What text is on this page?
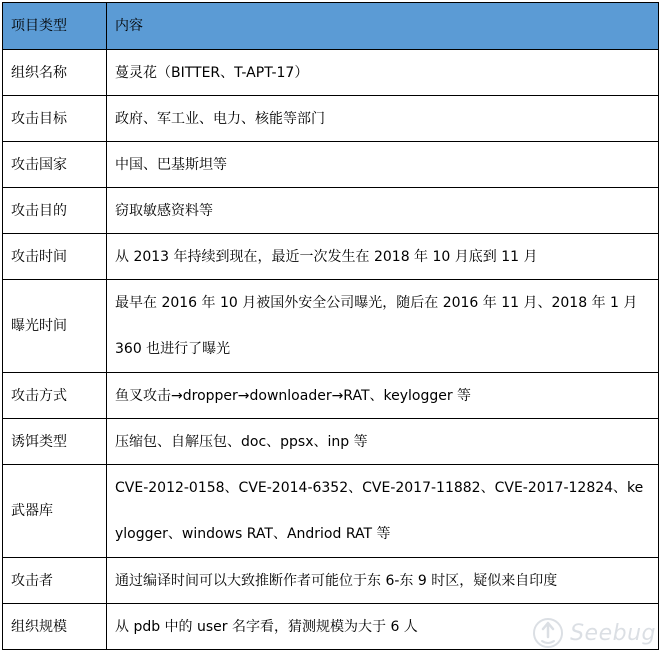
项目类型	内容
组织名称	蔓灵花（BITTER、T-APT-17）
攻击目标	政府、军工业、电力、核能等部门
攻击国家	中国、巴基斯坦等
攻击目的	窃取敏感资料等
攻击时间	从 2013 年持续到现在，最近一次发生在 2018 年 10 月底到 11 月
曝光时间	最早在 2016 年 10 月被国外安全公司曝光，随后在 2016 年 11 月、2018 年 1 月 360 也进行了曝光
攻击方式	鱼叉攻击→dropper→downloader→RAT、keylogger 等
诱饵类型	压缩包、自解压包、doc、ppsx、inp 等
武器库	CVE-2012-0158、CVE-2014-6352、CVE-2017-11882、CVE-2017-12824、keylogger、windows RAT、Andriod RAT 等
攻击者	通过编译时间可以大致推断作者可能位于东 6-东 9 时区，疑似来自印度
组织规模	从 pdb 中的 user 名字看，猜测规模为大于 6 人	Seebug
